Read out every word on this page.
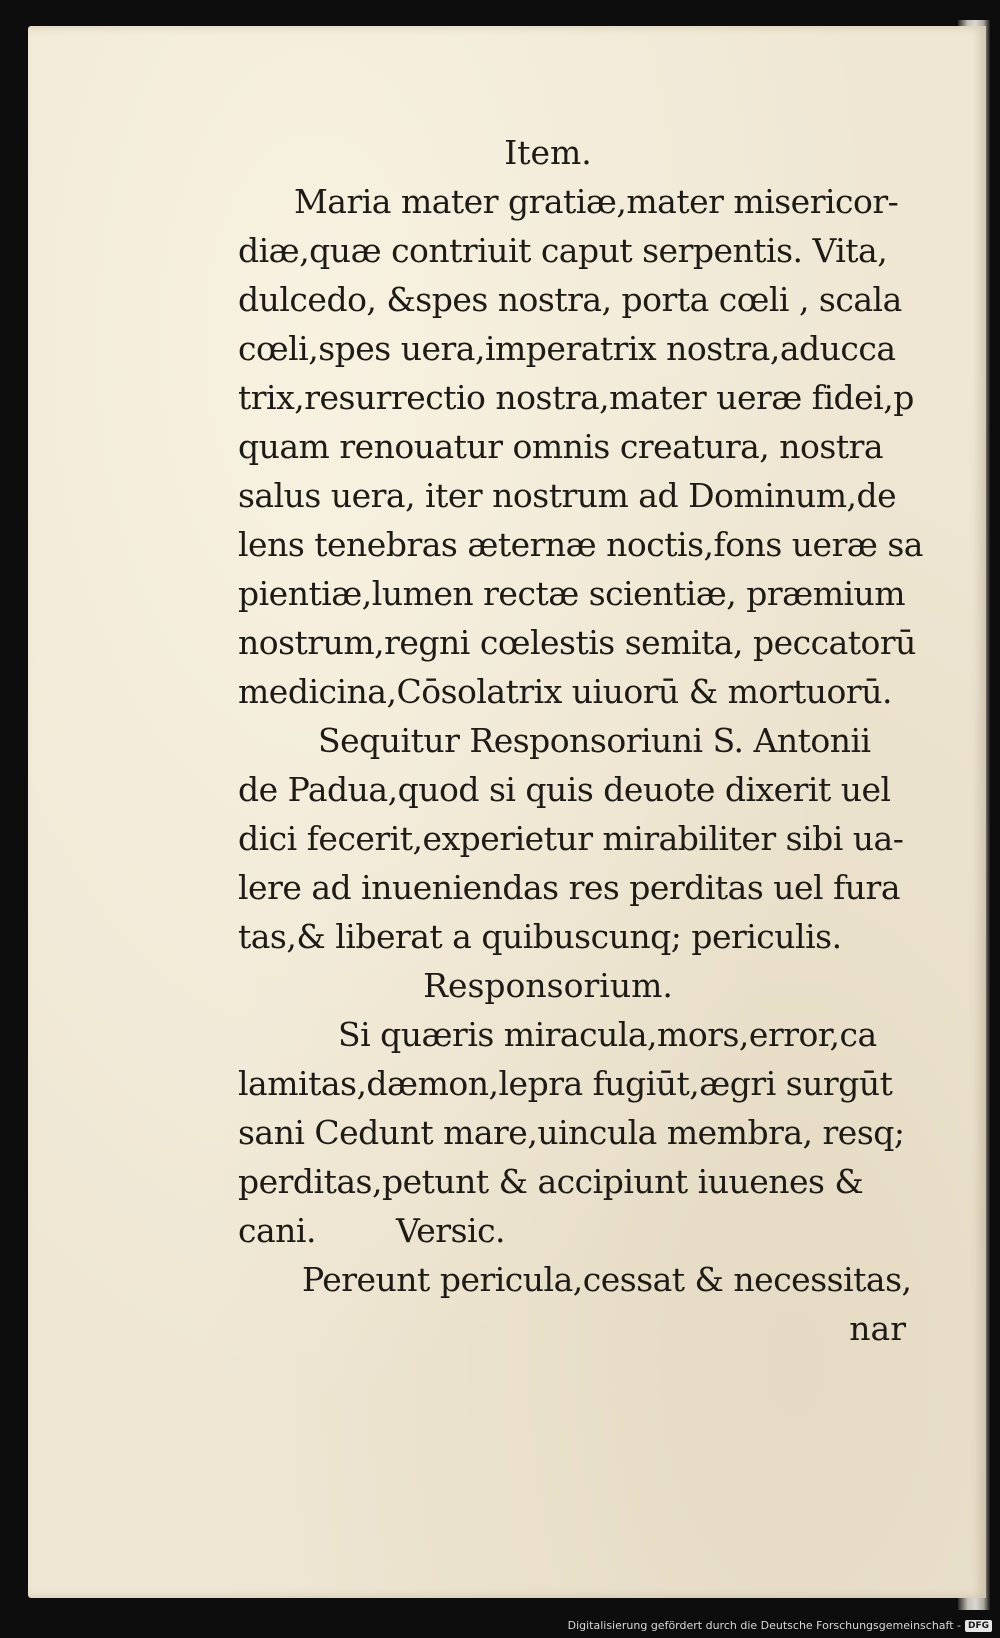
Item.
Maria mater gratiæ,mater misericor-
diæ,quæ contriuit caput serpentis. Vita,
dulcedo, &spes nostra, porta cœli , scala
cœli,spes uera,imperatrix nostra,aducca
trix,resurrectio nostra,mater ueræ fidei,p
quam renouatur omnis creatura, nostra
salus uera, iter nostrum ad Dominum,de
lens tenebras æternæ noctis,fons ueræ sa
pientiæ,lumen rectæ scientiæ, præmium
nostrum,regni cœlestis semita, peccatorū
medicina,Cōsolatrix uiuorū & mortuorū.
Sequitur Responsoriuni S. Antonii
de Padua,quod si quis deuote dixerit uel
dici fecerit,experietur mirabiliter sibi ua-
lere ad inueniendas res perditas uel fura
tas,& liberat a quibuscunq; periculis.
Responsorium.
Si quæris miracula,mors,error,ca
lamitas,dæmon,lepra fugiūt,ægri surgūt
sani Cedunt mare,uincula membra, resq;
perditas,petunt & accipiunt iuuenes &
cani. Versic.
Pereunt pericula,cessat & necessitas,
nar
Digitalisierung gefördert durch die Deutsche Forschungsgemeinschaft - DFG
